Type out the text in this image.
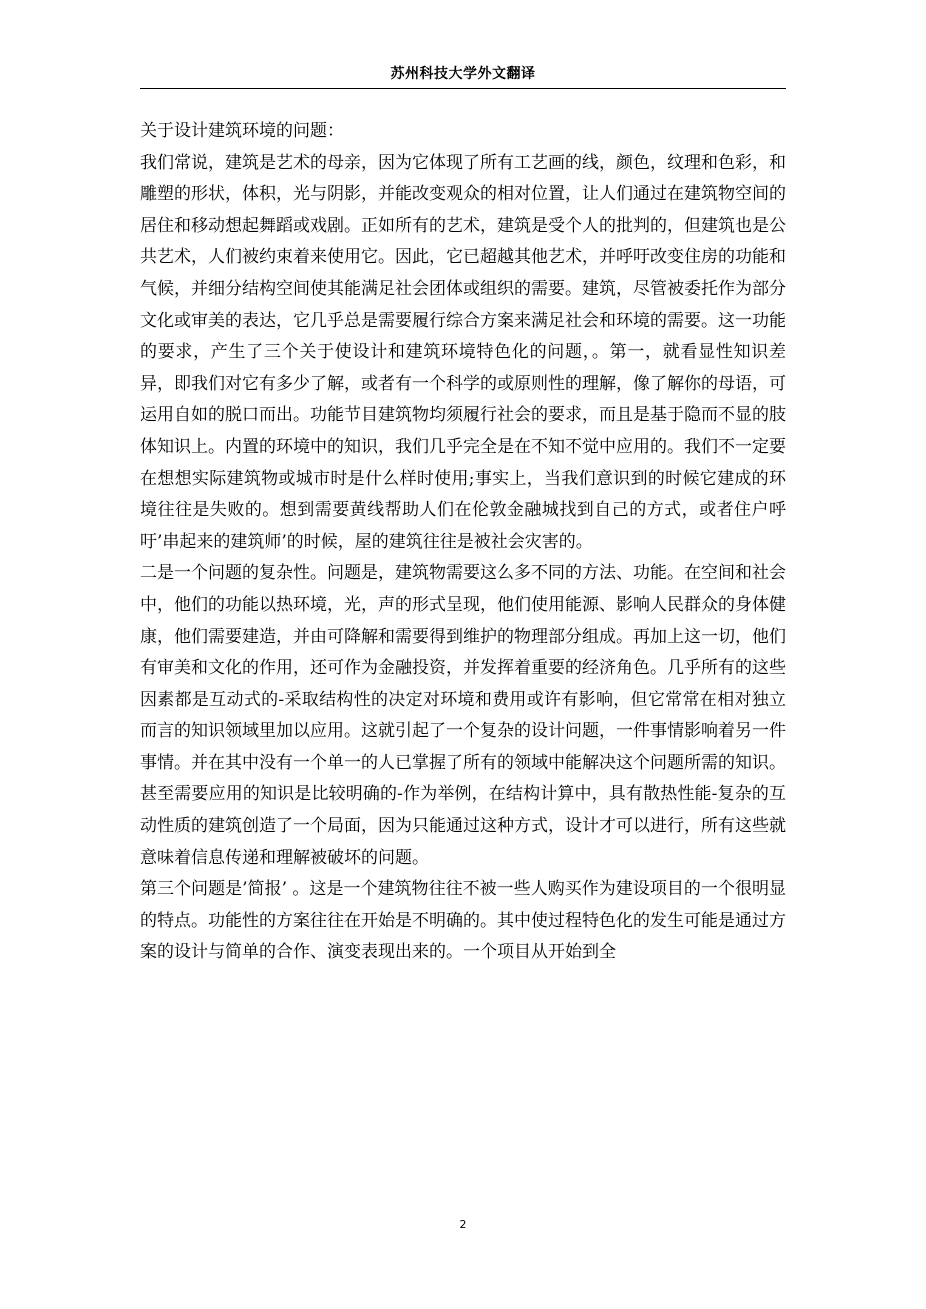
苏州科技大学外文翻译

关于设计建筑环境的问题：

我们常说，建筑是艺术的母亲，因为它体现了所有工艺画的线，颜色，纹理和色彩，和雕塑的形状，体积，光与阴影，并能改变观众的相对位置，让人们通过在建筑物空间的居住和移动想起舞蹈或戏剧。正如所有的艺术，建筑是受个人的批判的，但建筑也是公共艺术，人们被约束着来使用它。因此，它已超越其他艺术，并呼吁改变住房的功能和气候，并细分结构空间使其能满足社会团体或组织的需要。建筑，尽管被委托作为部分文化或审美的表达，它几乎总是需要履行综合方案来满足社会和环境的需要。这一功能的要求，产生了三个关于使设计和建筑环境特色化的问题，。第一，就看显性知识差异，即我们对它有多少了解，或者有一个科学的或原则性的理解，像了解你的母语，可运用自如的脱口而出。功能节目建筑物均须履行社会的要求，而且是基于隐而不显的肢体知识上。内置的环境中的知识，我们几乎完全是在不知不觉中应用的。我们不一定要在想想实际建筑物或城市时是什么样时使用;事实上，当我们意识到的时候它建成的环境往往是失败的。想到需要黄线帮助人们在伦敦金融城找到自己的方式，或者住户呼吁’串起来的建筑师’的时候，屋的建筑往往是被社会灾害的。

二是一个问题的复杂性。问题是，建筑物需要这么多不同的方法、功能。在空间和社会中，他们的功能以热环境，光，声的形式呈现，他们使用能源、影响人民群众的身体健康，他们需要建造，并由可降解和需要得到维护的物理部分组成。再加上这一切，他们有审美和文化的作用，还可作为金融投资，并发挥着重要的经济角色。几乎所有的这些因素都是互动式的-采取结构性的决定对环境和费用或许有影响，但它常常在相对独立而言的知识领域里加以应用。这就引起了一个复杂的设计问题，一件事情影响着另一件事情。并在其中没有一个单一的人已掌握了所有的领域中能解决这个问题所需的知识。甚至需要应用的知识是比较明确的-作为举例，在结构计算中，具有散热性能-复杂的互动性质的建筑创造了一个局面，因为只能通过这种方式，设计才可以进行，所有这些就意味着信息传递和理解被破坏的问题。

第三个问题是’简报’ 。这是一个建筑物往往不被一些人购买作为建设项目的一个很明显的特点。功能性的方案往往在开始是不明确的。其中使过程特色化的发生可能是通过方案的设计与简单的合作、演变表现出来的。一个项目从开始到全

2
